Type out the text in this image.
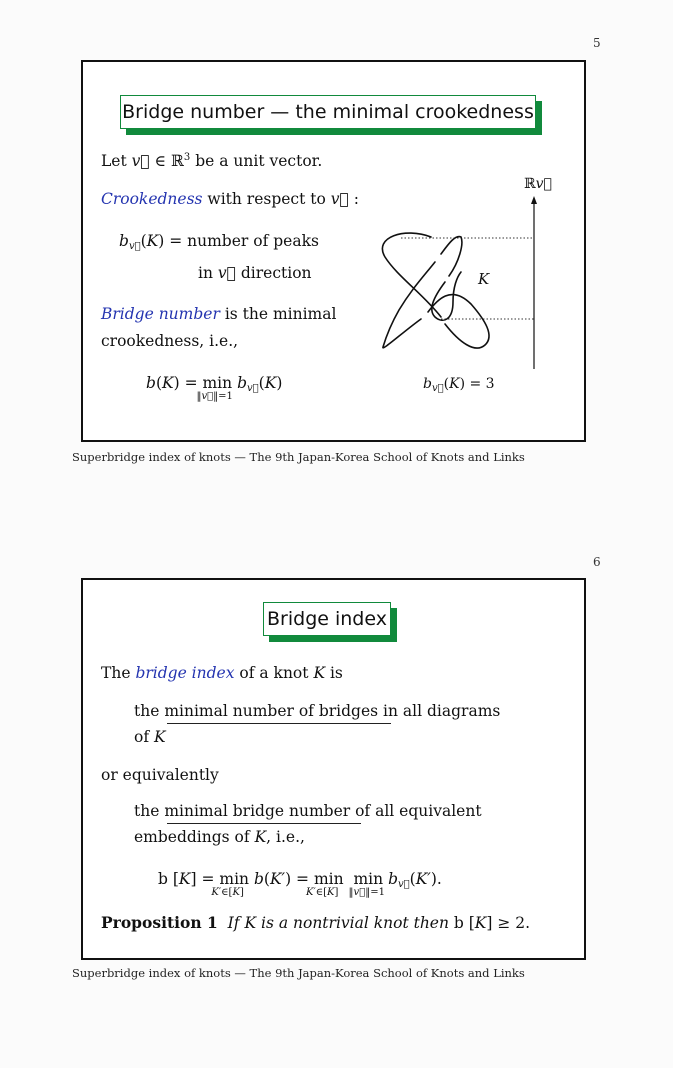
5
Bridge number — the minimal crookedness
Let v⃗ ∈ ℝ$^3$ be a unit vector.
Crookedness with respect to v⃗ :
$b_{v⃗}(K)$ = number of peaks
in v⃗ direction
Bridge number is the minimal
crookedness, i.e.,
b(K) = min
‖v⃗‖=1
$b_{v⃗}(K)$
K
ℝv⃗
$b_{v⃗}(K) = 3$
Superbridge index of knots — The 9th Japan-Korea School of Knots and Links
6
Bridge index
The bridge index of a knot K is
the minimal number of bridges in all diagrams
of K
or equivalently
the minimal bridge number of all equivalent
embeddings of K, i.e.,
b [K] = min
K′∈[K]
b(K′) = min
K′∈[K]
min
‖v⃗‖=1
$b_{v⃗}(K')$.
Proposition 1 If K is a nontrivial knot then b [K] ≥ 2.
Superbridge index of knots — The 9th Japan-Korea School of Knots and Links
